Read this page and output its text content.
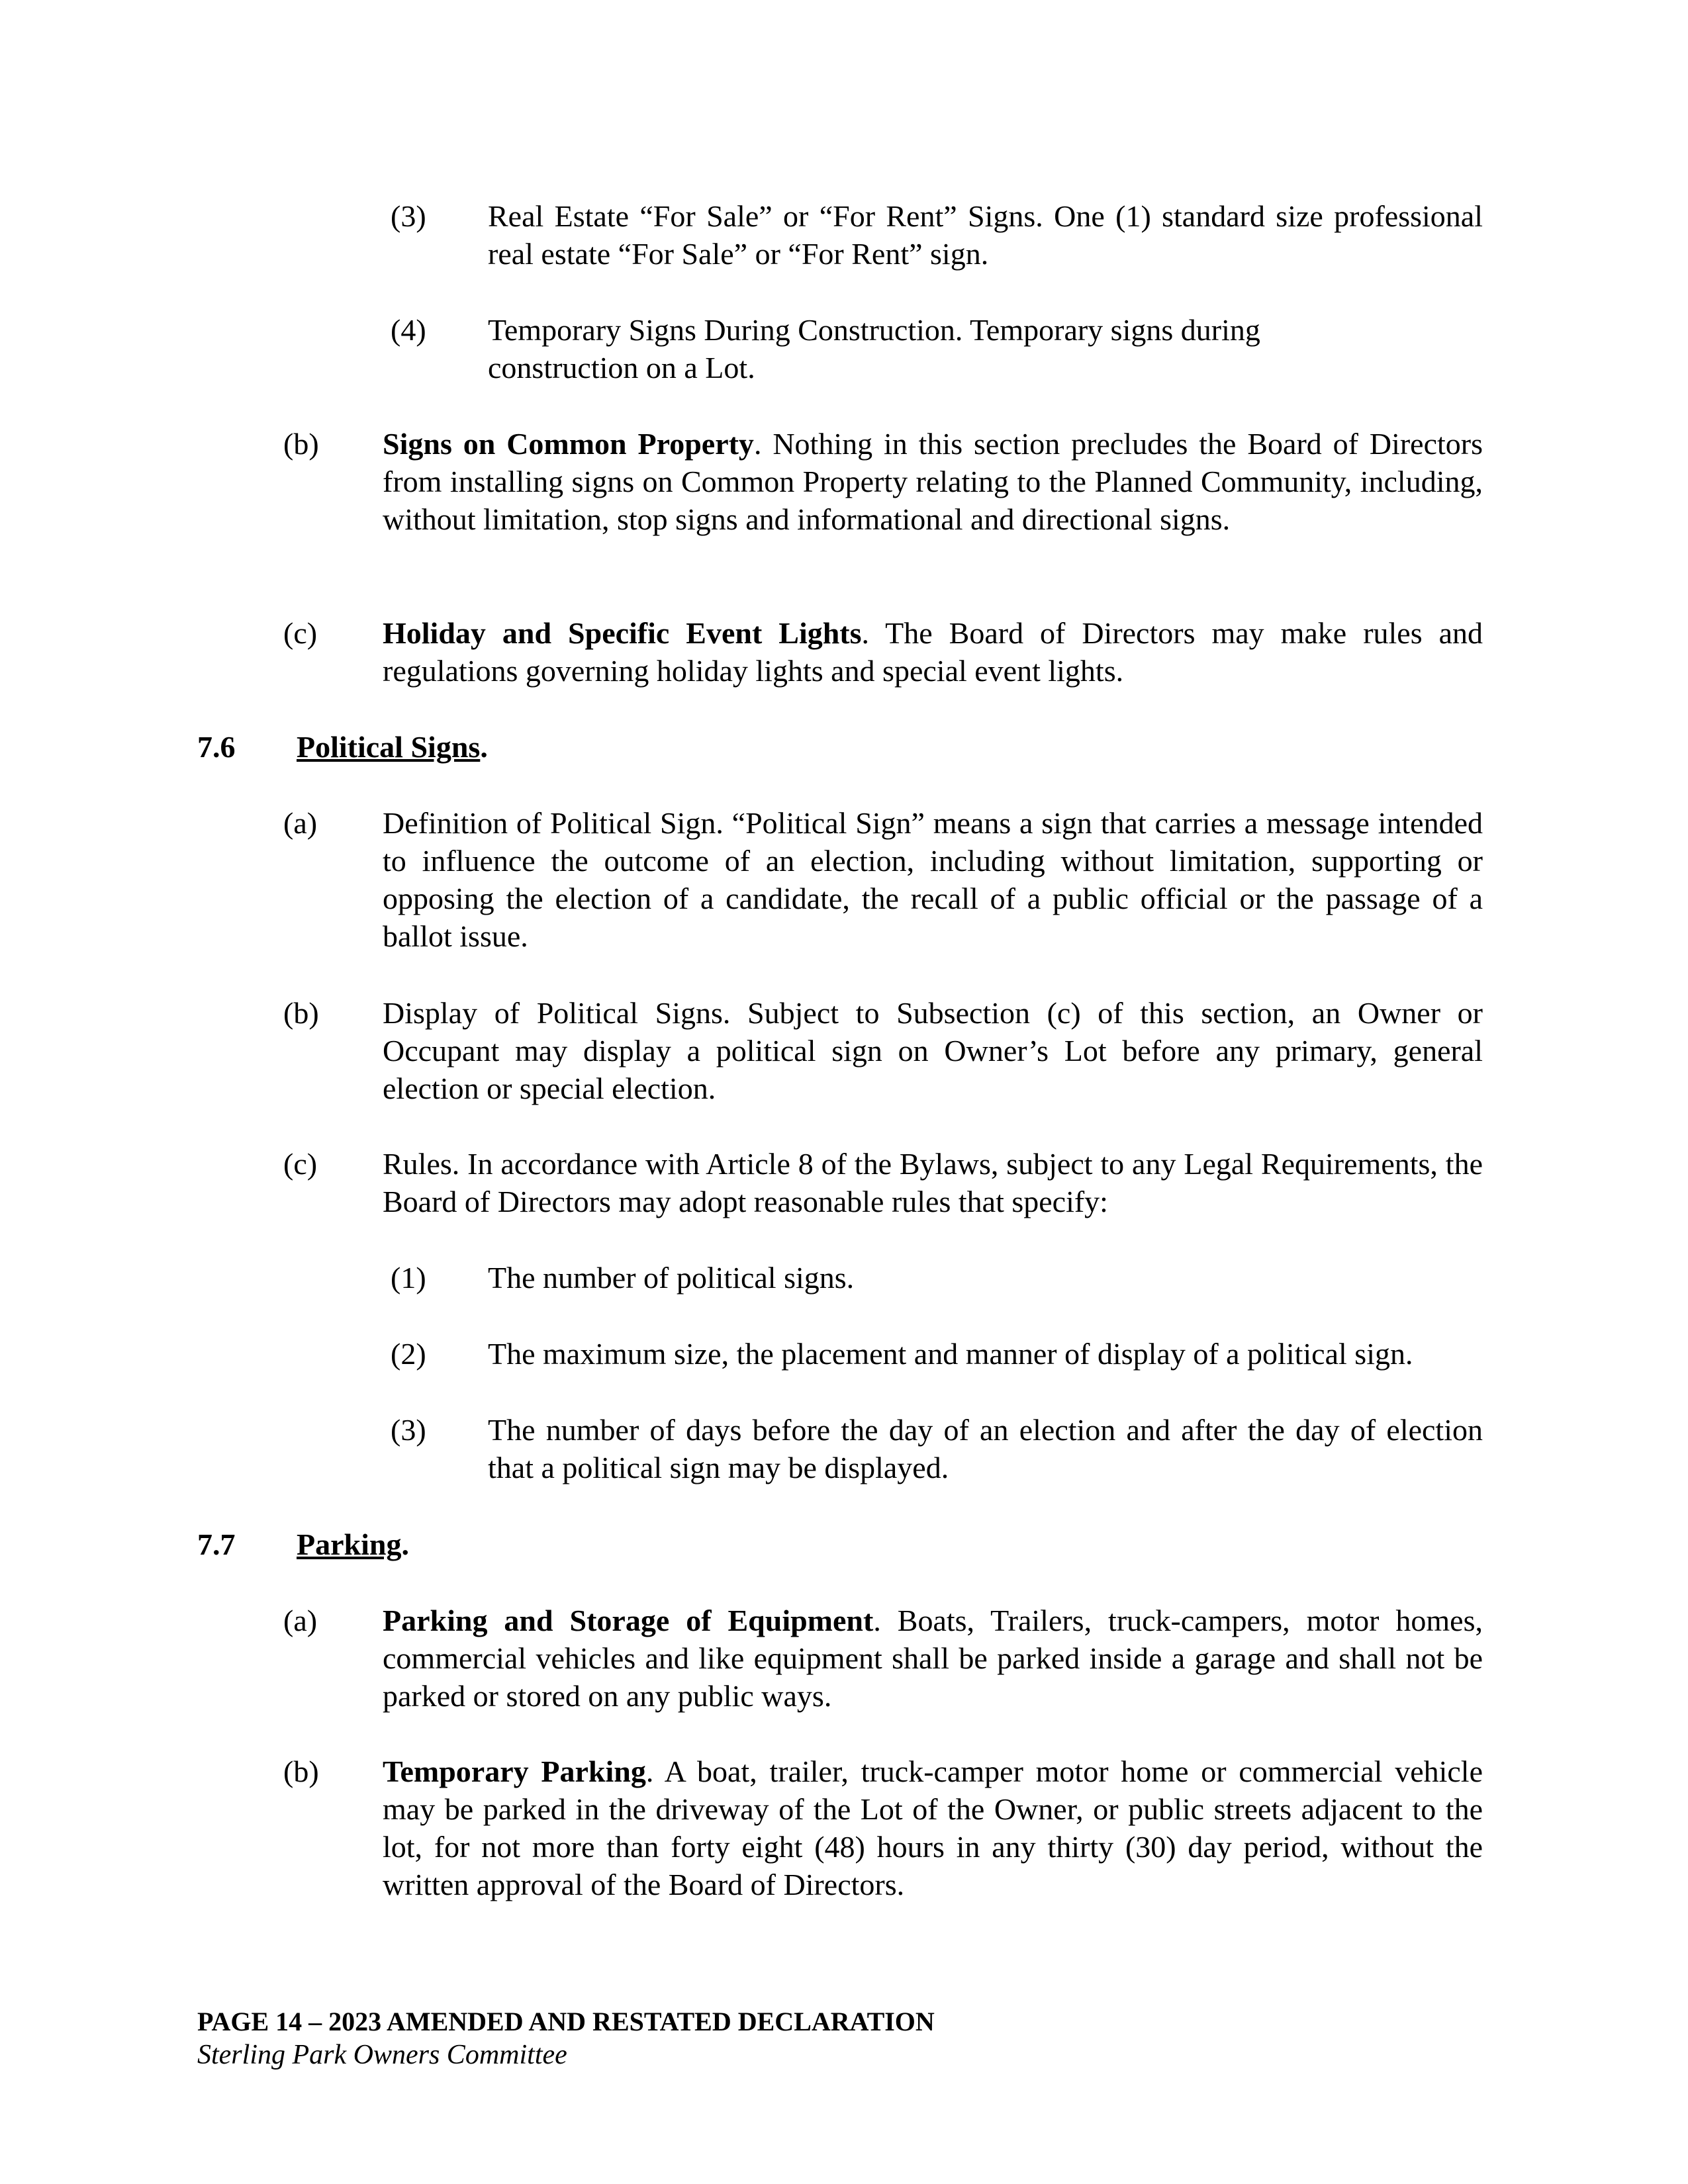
(3) Real Estate “For Sale” or “For Rent” Signs. One (1) standard size professional real estate “For Sale” or “For Rent” sign.
(4) Temporary Signs During Construction. Temporary signs during
construction on a Lot.
(b) Signs on Common Property. Nothing in this section precludes the Board of Directors from installing signs on Common Property relating to the Planned Community, including, without limitation, stop signs and informational and directional signs.
(c) Holiday and Specific Event Lights. The Board of Directors may make rules and regulations governing holiday lights and special event lights.
7.6 Political Signs.
(a) Definition of Political Sign. “Political Sign” means a sign that carries a message intended to influence the outcome of an election, including without limitation, supporting or opposing the election of a candidate, the recall of a public official or the passage of a ballot issue.
(b) Display of Political Signs. Subject to Subsection (c) of this section, an Owner or Occupant may display a political sign on Owner’s Lot before any primary, general election or special election.
(c) Rules. In accordance with Article 8 of the Bylaws, subject to any Legal Requirements, the Board of Directors may adopt reasonable rules that specify:
(1) The number of political signs.
(2) The maximum size, the placement and manner of display of a political sign.
(3) The number of days before the day of an election and after the day of election that a political sign may be displayed.
7.7 Parking.
(a) Parking and Storage of Equipment. Boats, Trailers, truck-campers, motor homes, commercial vehicles and like equipment shall be parked inside a garage and shall not be parked or stored on any public ways.
(b) Temporary Parking. A boat, trailer, truck-camper motor home or commercial vehicle may be parked in the driveway of the Lot of the Owner, or public streets adjacent to the lot, for not more than forty eight (48) hours in any thirty (30) day period, without the written approval of the Board of Directors.
PAGE 14 – 2023 AMENDED AND RESTATED DECLARATION
Sterling Park Owners Committee
